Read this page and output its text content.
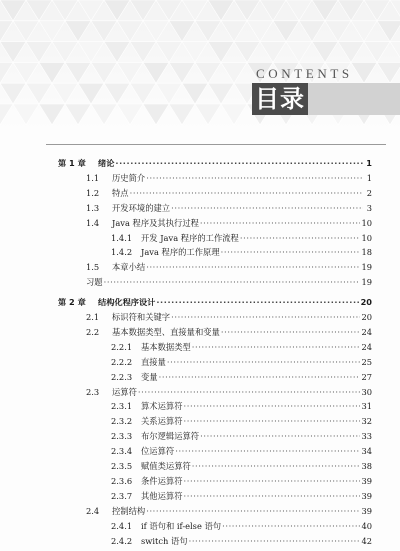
CONTENTS
目录
第 1 章	绪论 ·····	1
1.1	历史简介 ·····	1
1.2	特点 ·····	2
1.3	开发环境的建立 ·····	3
1.4	Java 程序及其执行过程 ·····	10
1.4.1	开发 Java 程序的工作流程 ·····	10
1.4.2	Java 程序的工作原理 ·····	18
1.5	本章小结 ·····	19
习题 ·····	19
第 2 章	结构化程序设计 ·····	20
2.1	标识符和关键字 ·····	20
2.2	基本数据类型、直接量和变量 ·····	24
2.2.1	基本数据类型 ·····	24
2.2.2	直接量 ·····	25
2.2.3	变量 ·····	27
2.3	运算符 ·····	30
2.3.1	算术运算符 ·····	31
2.3.2	关系运算符 ·····	32
2.3.3	布尔逻辑运算符 ·····	33
2.3.4	位运算符 ·····	34
2.3.5	赋值类运算符 ·····	38
2.3.6	条件运算符 ·····	39
2.3.7	其他运算符 ·····	39
2.4	控制结构 ·····	39
2.4.1	if 语句和 if-else 语句 ·····	40
2.4.2	switch 语句 ·····	42
